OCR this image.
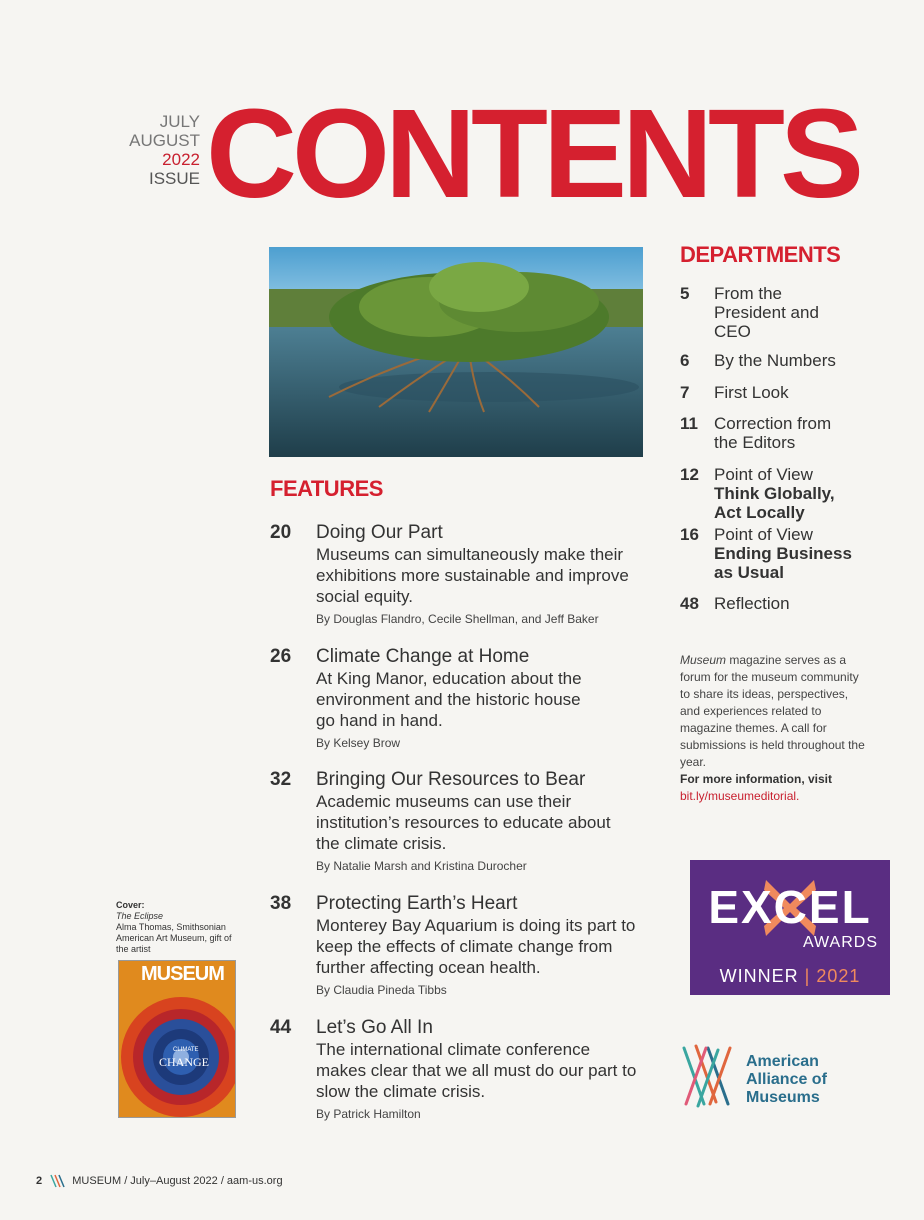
JULY
AUGUST
2022
ISSUE CONTENTS
FEATURES
20 Doing Our Part
Museums can simultaneously make their exhibitions more sustainable and improve social equity.
By Douglas Flandro, Cecile Shellman, and Jeff Baker
26 Climate Change at Home
At King Manor, education about the environment and the historic house go hand in hand.
By Kelsey Brow
32 Bringing Our Resources to Bear
Academic museums can use their institution’s resources to educate about the climate crisis.
By Natalie Marsh and Kristina Durocher
38 Protecting Earth’s Heart
Monterey Bay Aquarium is doing its part to keep the effects of climate change from further affecting ocean health.
By Claudia Pineda Tibbs
44 Let’s Go All In
The international climate conference makes clear that we all must do our part to slow the climate crisis.
By Patrick Hamilton
DEPARTMENTS
5 From the President and CEO
6 By the Numbers
7 First Look
11 Correction from the Editors
12 Point of View
Think Globally, Act Locally
16 Point of View
Ending Business as Usual
48 Reflection
Museum magazine serves as a forum for the museum community to share its ideas, perspectives, and experiences related to magazine themes. A call for submissions is held throughout the year.
For more information, visit
bit.ly/museumeditorial.
EXCEL
AWARDS
WINNER | 2021
American
Alliance of
Museums
Cover:
The Eclipse
Alma Thomas, Smithsonian American Art Museum, gift of the artist
MUSEUM
CLIMATE
CHANGE
2	MUSEUM / July–August 2022 / aam-us.org
